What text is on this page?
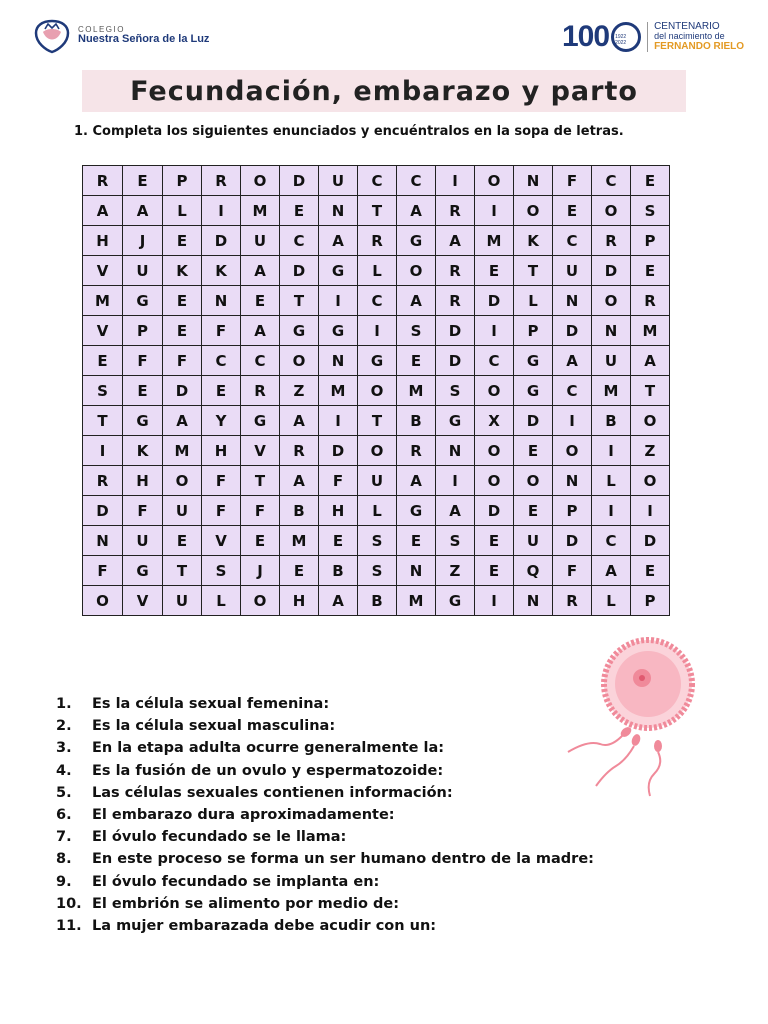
COLEGIO
Nuestra Señora de la Luz	100 1922 2022
CENTENARIO
del nacimiento de
FERNANDO RIELO
Fecundación, embarazo y parto
1. Completa los siguientes enunciados y encuéntralos en la sopa de letras.
R	E	P	R	O	D	U	C	C	I	O	N	F	C	E
A	A	L	I	M	E	N	T	A	R	I	O	E	O	S
H	J	E	D	U	C	A	R	G	A	M	K	C	R	P
V	U	K	K	A	D	G	L	O	R	E	T	U	D	E
M	G	E	N	E	T	I	C	A	R	D	L	N	O	R
V	P	E	F	A	G	G	I	S	D	I	P	D	N	M
E	F	F	C	C	O	N	G	E	D	C	G	A	U	A
S	E	D	E	R	Z	M	O	M	S	O	G	C	M	T
T	G	A	Y	G	A	I	T	B	G	X	D	I	B	O
I	K	M	H	V	R	D	O	R	N	O	E	O	I	Z
R	H	O	F	T	A	F	U	A	I	O	O	N	L	O
D	F	U	F	F	B	H	L	G	A	D	E	P	I	I
N	U	E	V	E	M	E	S	E	S	E	U	D	C	D
F	G	T	S	J	E	B	S	N	Z	E	Q	F	A	E
O	V	U	L	O	H	A	B	M	G	I	N	R	L	P
1.	Es la célula sexual femenina:
2.	Es la célula sexual masculina:
3.	En la etapa adulta ocurre generalmente la:
4.	Es la fusión de un ovulo y espermatozoide:
5.	Las células sexuales contienen información:
6.	El embarazo dura aproximadamente:
7.	El óvulo fecundado se le llama:
8.	En este proceso se forma un ser humano dentro de la madre:
9.	El óvulo fecundado se implanta en:
10. El embrión se alimento por medio de:
11. La mujer embarazada debe acudir con un:
